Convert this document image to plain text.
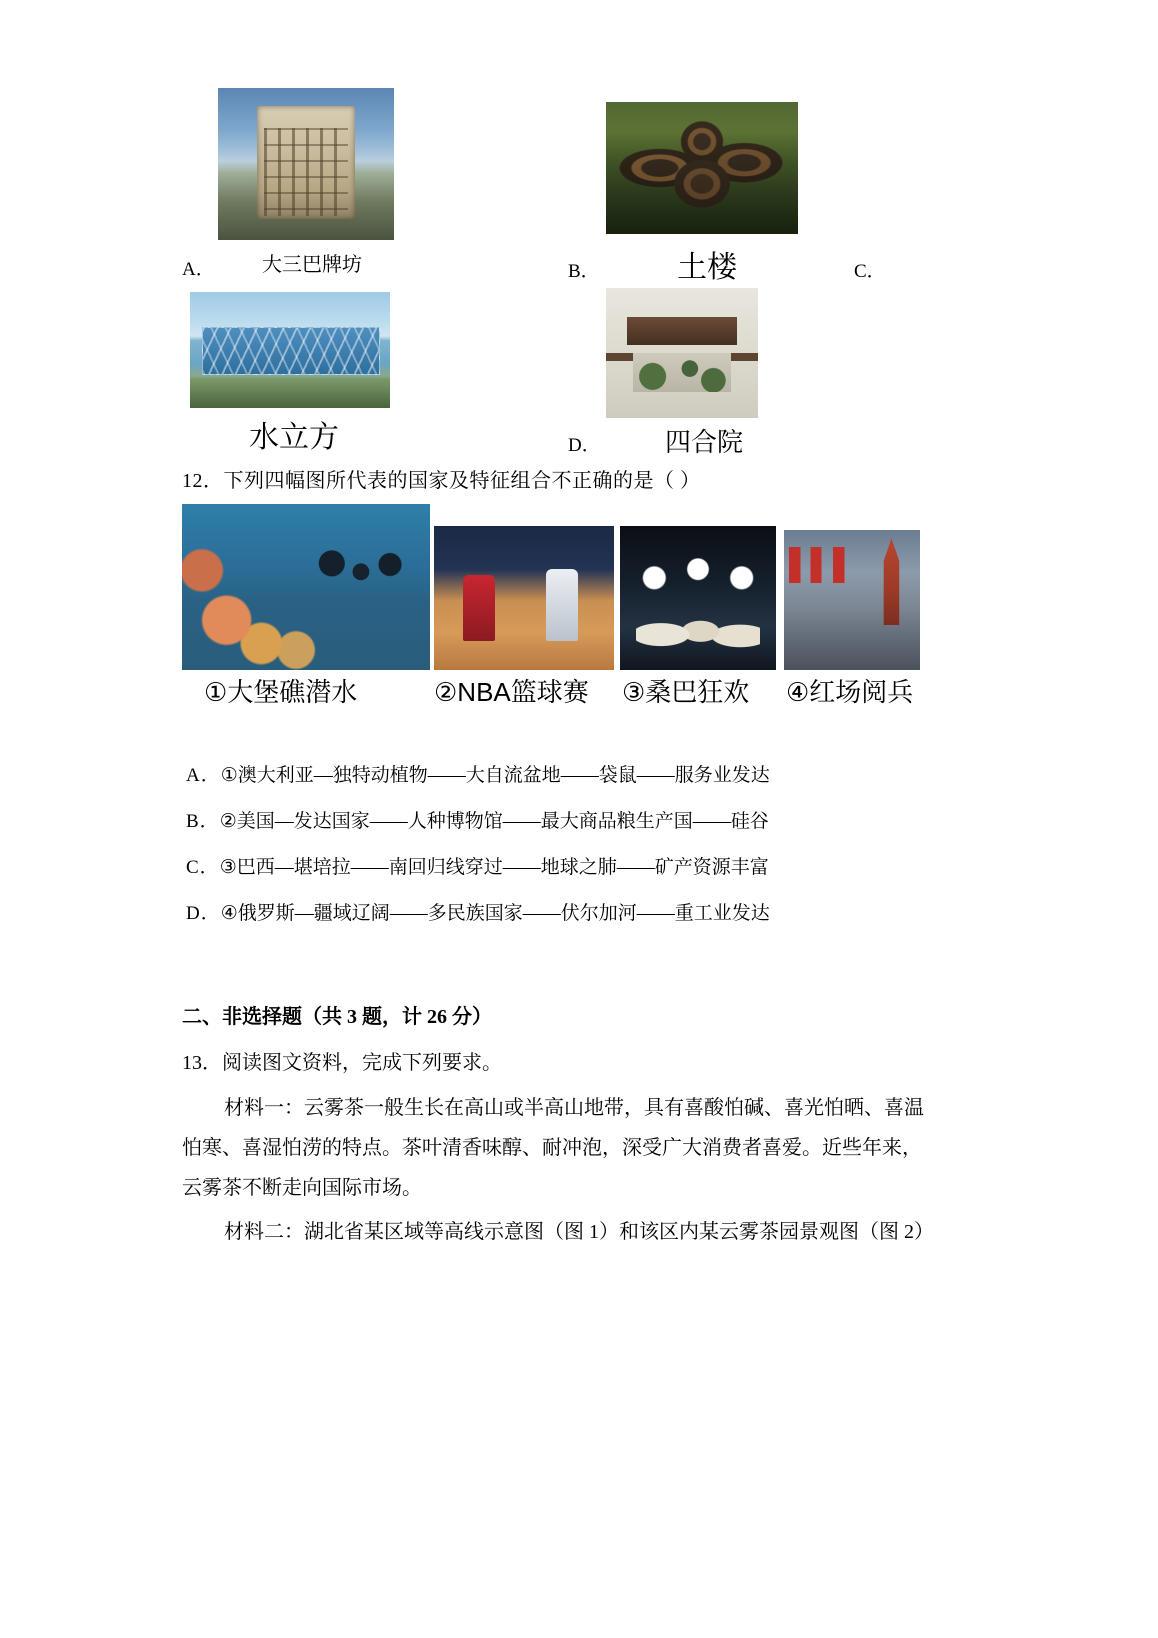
A．	大三巴牌坊	B．	土楼	C．
水立方	D．	四合院
12．下列四幅图所代表的国家及特征组合不正确的是（ ）
①大堡礁潜水	②NBA篮球赛 ③桑巴狂欢 ④红场阅兵
A．①澳大利亚—独特动植物——大自流盆地——袋鼠——服务业发达
B．②美国—发达国家——人种博物馆——最大商品粮生产国——硅谷
C．③巴西—堪培拉——南回归线穿过——地球之肺——矿产资源丰富
D．④俄罗斯—疆域辽阔——多民族国家——伏尔加河——重工业发达
二、非选择题（共 3 题，计 26 分）
13．阅读图文资料，完成下列要求。
材料一：云雾茶一般生长在高山或半高山地带，具有喜酸怕碱、喜光怕晒、喜温
怕寒、喜湿怕涝的特点。茶叶清香味醇、耐冲泡，深受广大消费者喜爱。近些年来，
云雾茶不断走向国际市场。
材料二：湖北省某区域等高线示意图（图 1）和该区内某云雾茶园景观图（图 2）
